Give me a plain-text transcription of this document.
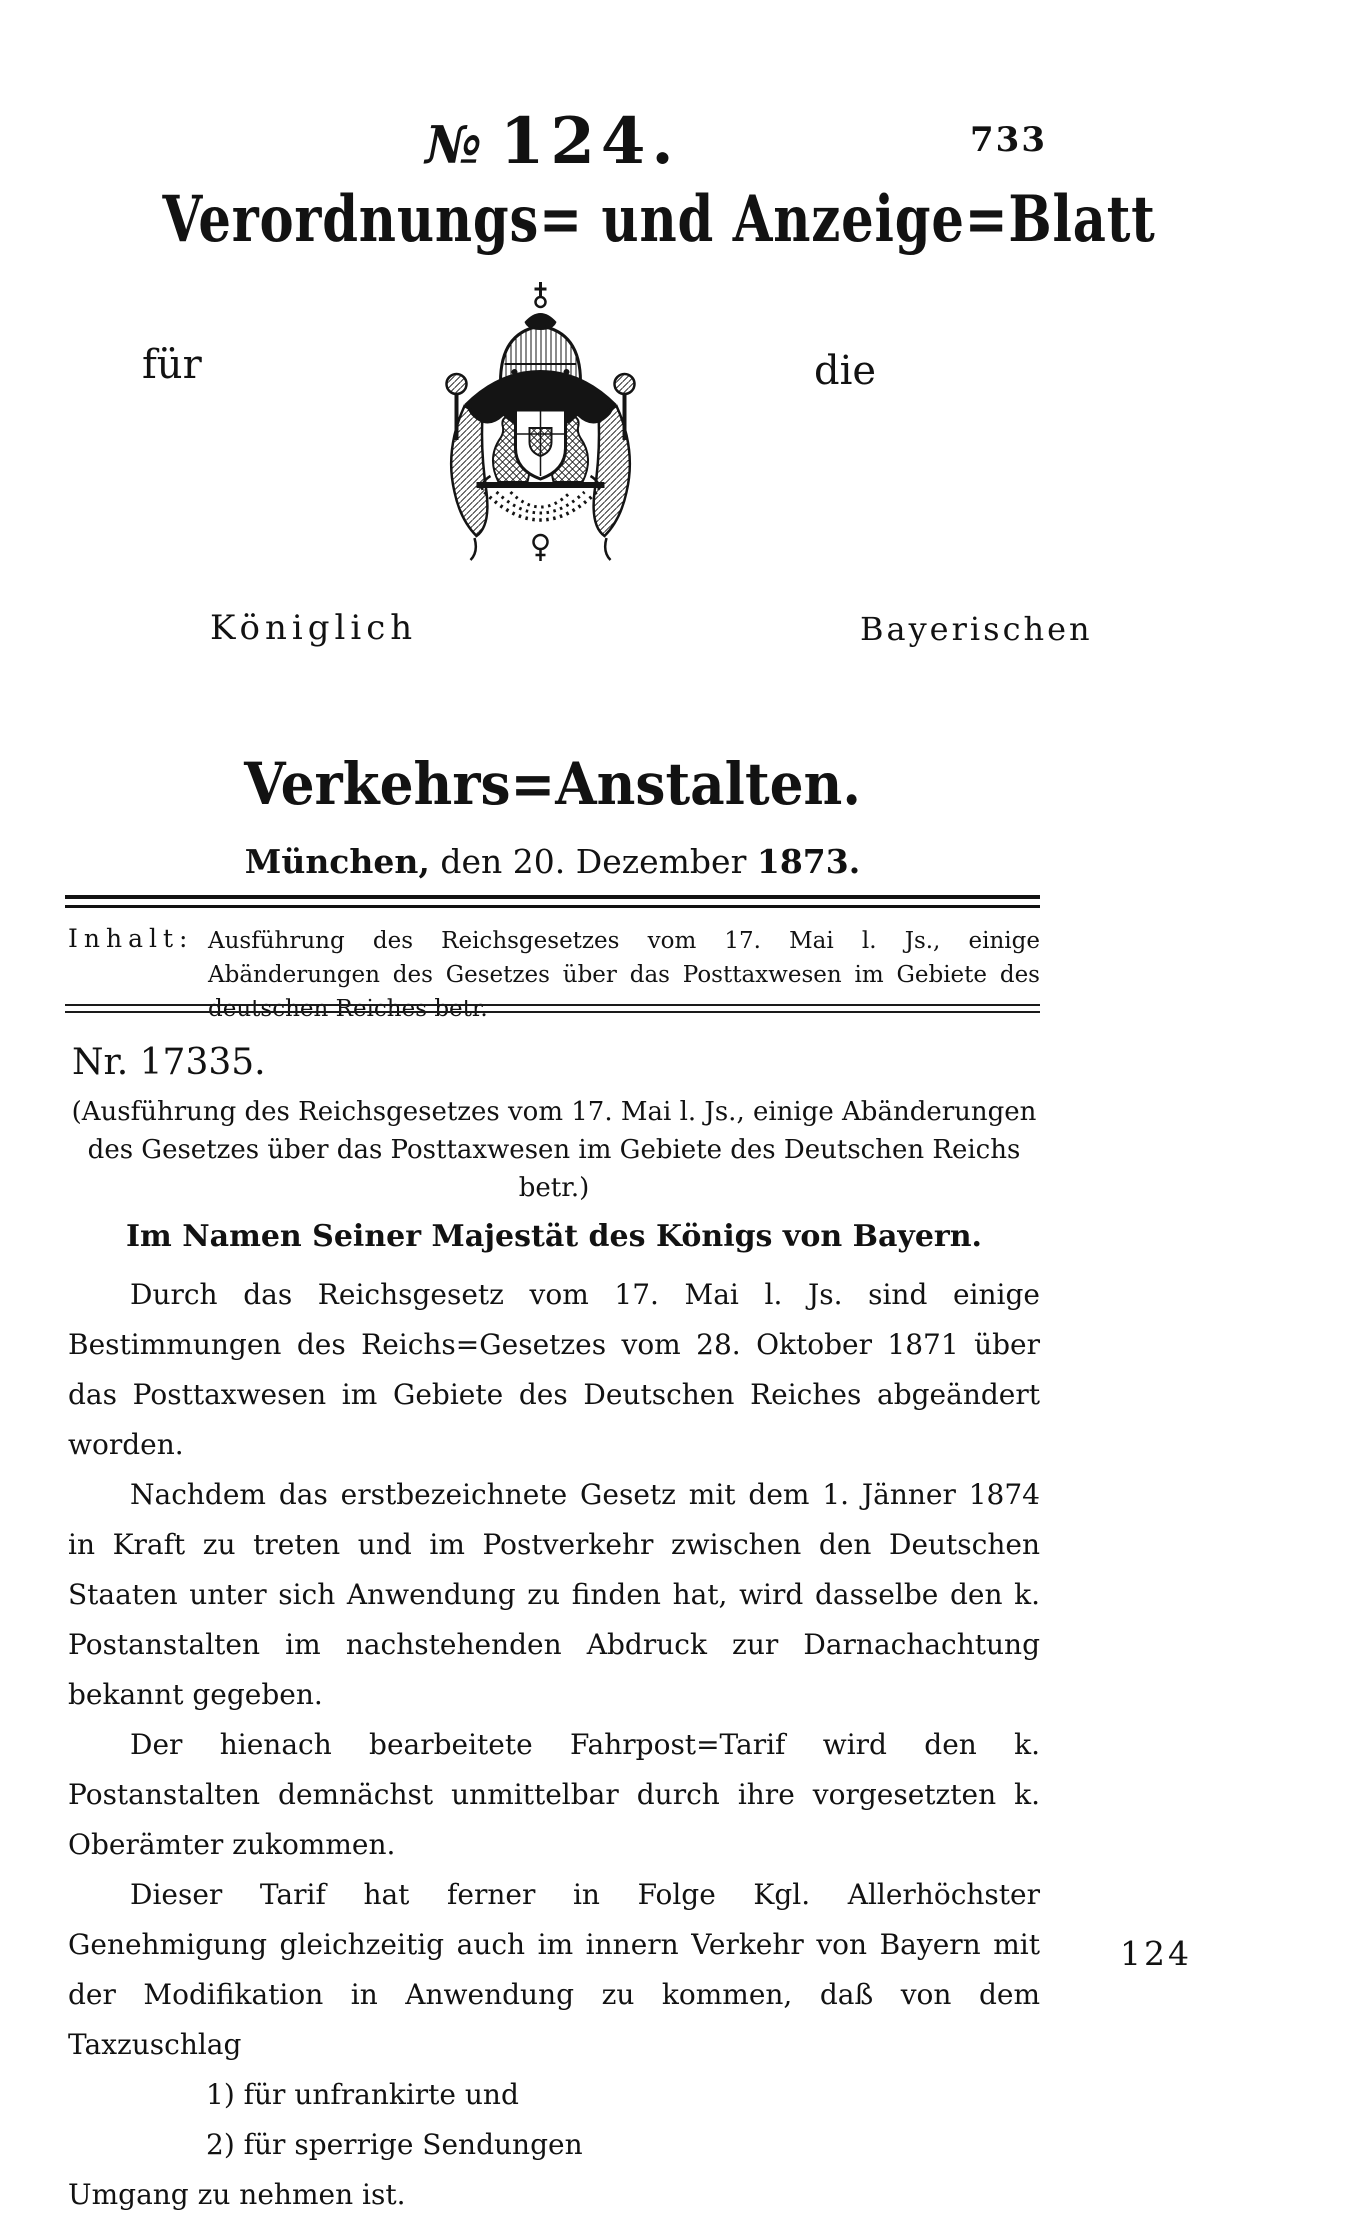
733
№ 124.
Verordnungs= und Anzeige=Blatt
für	die
Königlich	Bayerischen
Verkehrs=Anstalten.
München, den 20. Dezember 1873.
Inhalt: Ausführung des Reichsgesetzes vom 17. Mai l. Js., einige Abänderungen des Gesetzes über das Posttaxwesen im Gebiete des deutschen Reiches betr.
Nr. 17335.
(Ausführung des Reichsgesetzes vom 17. Mai l. Js., einige Abänderungen des Gesetzes über das Posttaxwesen im Gebiete des Deutschen Reichs betr.)
Im Namen Seiner Majestät des Königs von Bayern.

Durch das Reichsgesetz vom 17. Mai l. Js. sind einige Bestimmungen des Reichs=Gesetzes vom 28. Oktober 1871 über das Posttaxwesen im Gebiete des Deutschen Reiches abgeändert worden.

Nachdem das erstbezeichnete Gesetz mit dem 1. Jänner 1874 in Kraft zu treten und im Postverkehr zwischen den Deutschen Staaten unter sich Anwendung zu finden hat, wird dasselbe den k. Postanstalten im nachstehenden Abdruck zur Darnachachtung bekannt gegeben.

Der hienach bearbeitete Fahrpost=Tarif wird den k. Postanstalten demnächst unmittelbar durch ihre vorgesetzten k. Oberämter zukommen.

Dieser Tarif hat ferner in Folge Kgl. Allerhöchster Genehmigung gleichzeitig auch im innern Verkehr von Bayern mit der Modifikation in Anwendung zu kommen, daß von dem Taxzuschlag

1) für unfrankirte und

2) für sperrige Sendungen

Umgang zu nehmen ist.

124
